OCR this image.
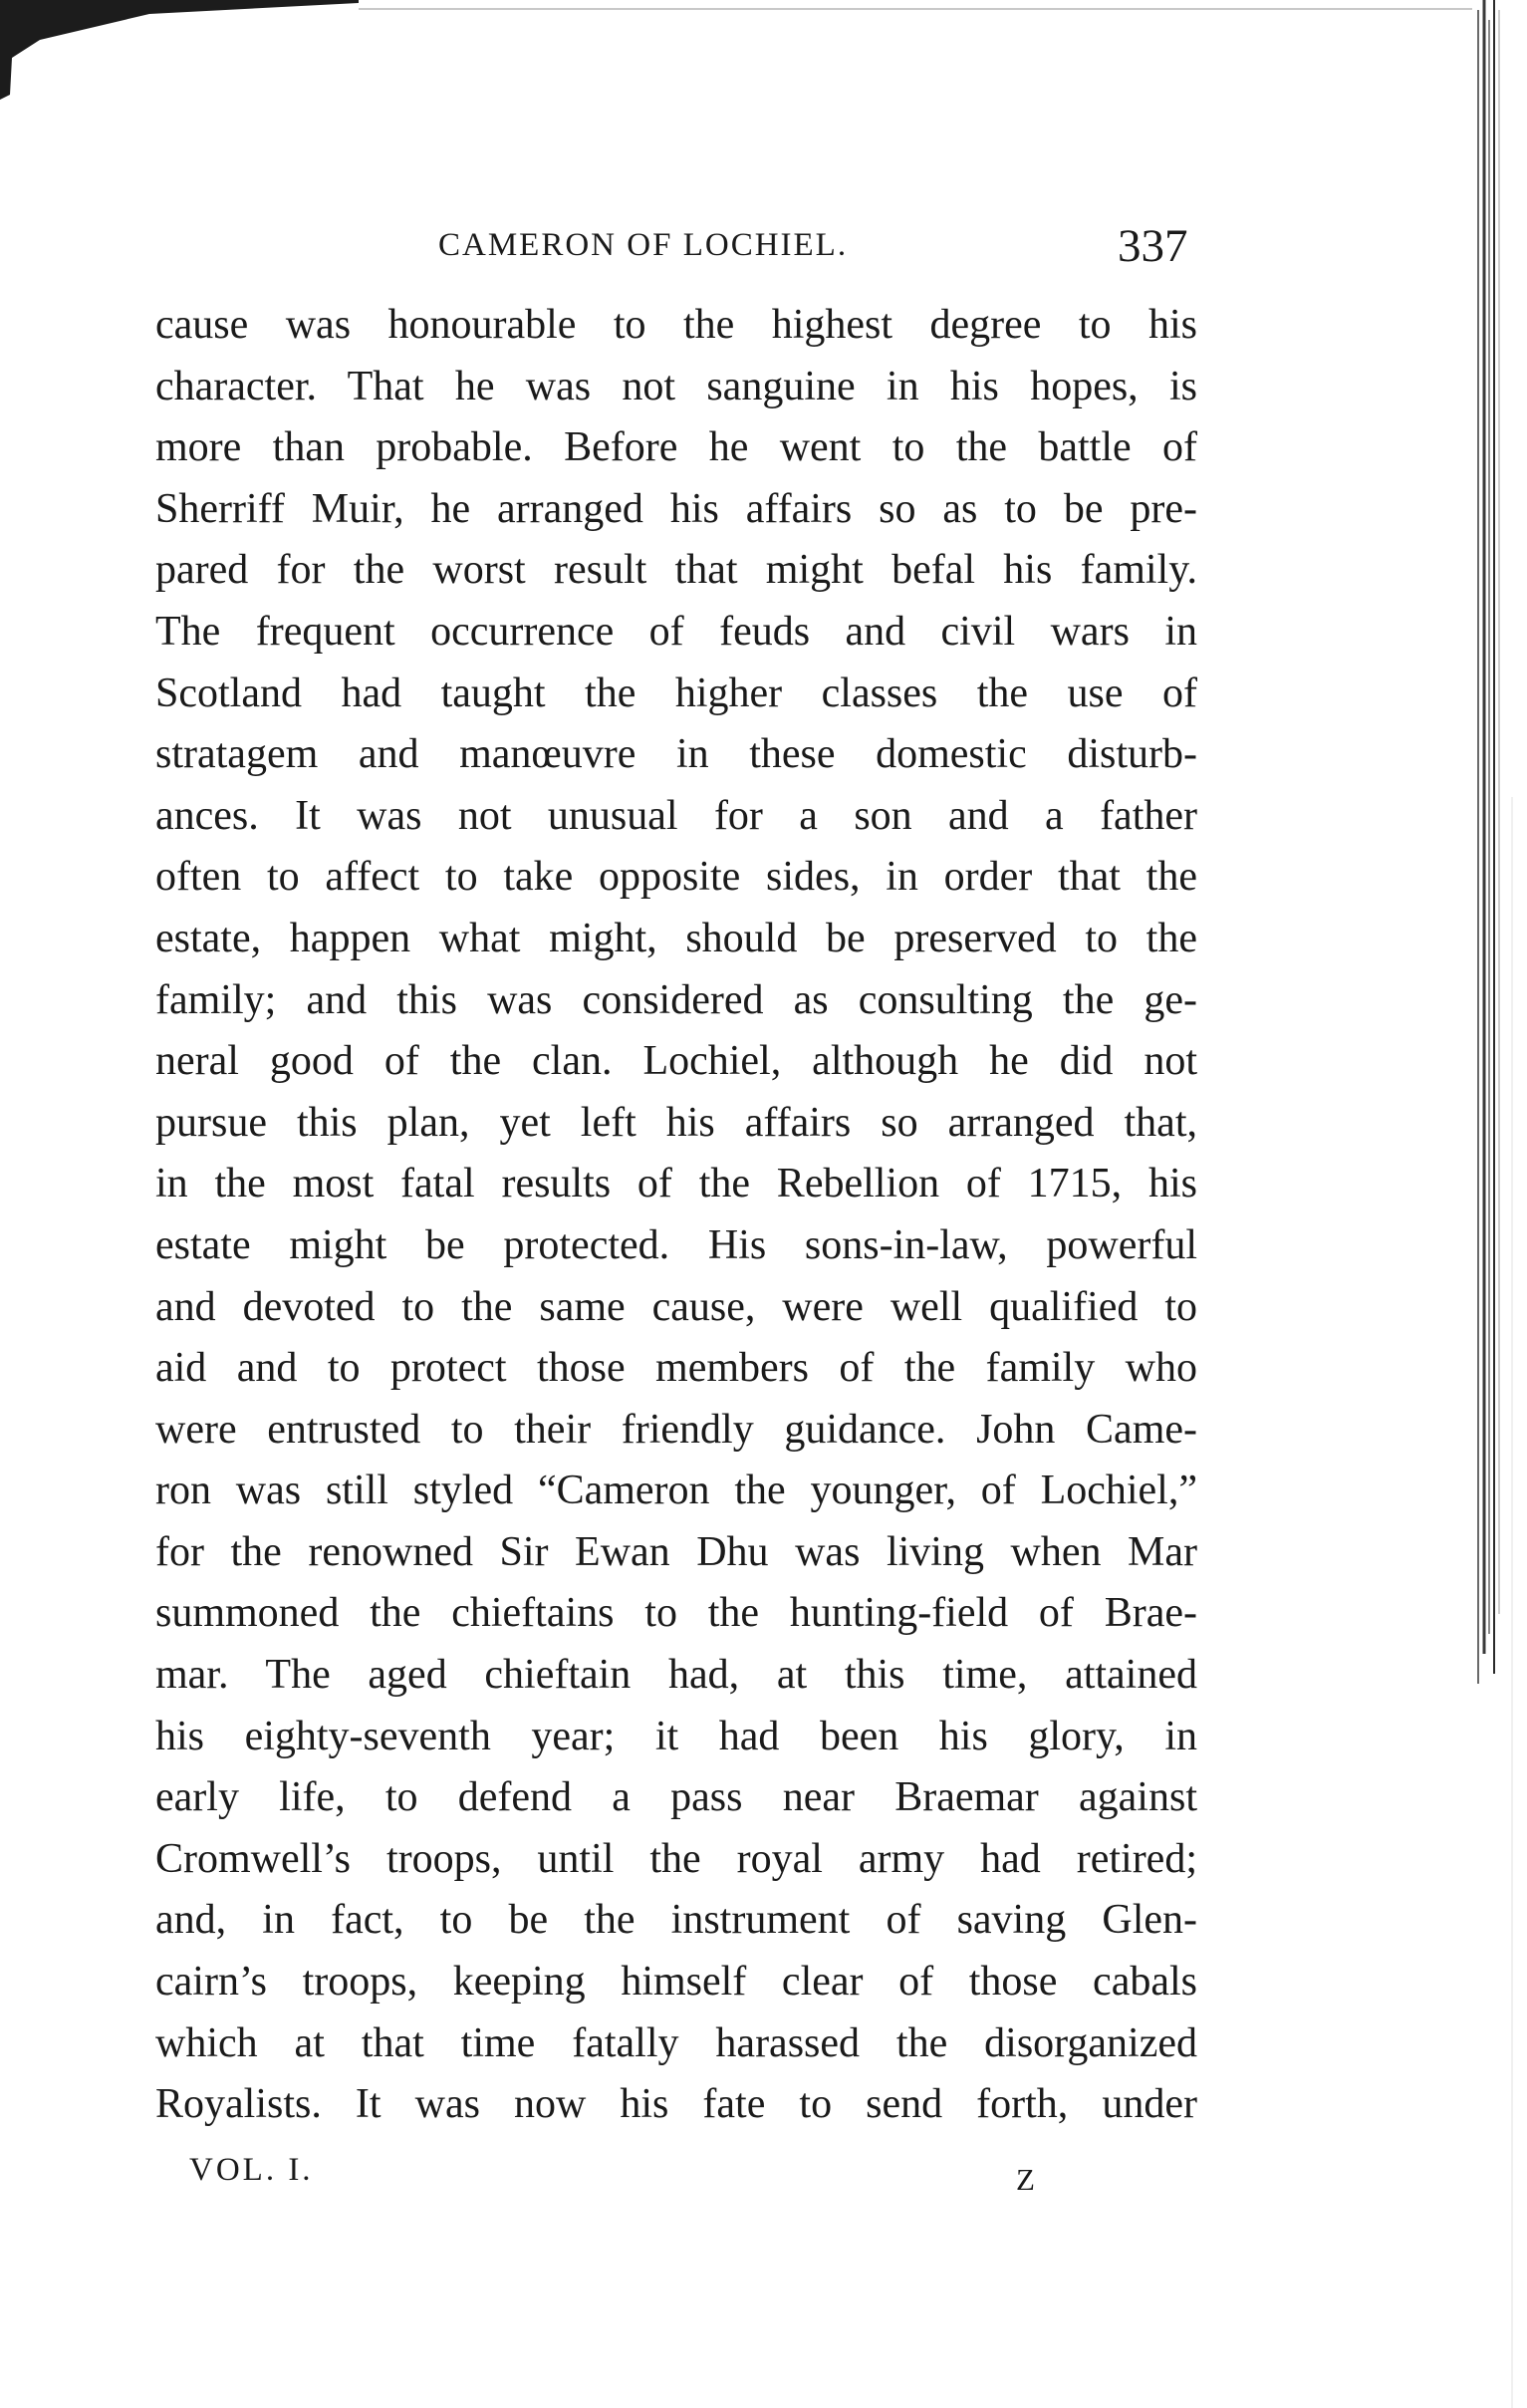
CAMERON OF LOCHIEL.	337
cause was honourable to the highest degree to his
character. That he was not sanguine in his hopes, is
more than probable. Before he went to the battle of
Sherriff Muir, he arranged his affairs so as to be pre-
pared for the worst result that might befal his family.
The frequent occurrence of feuds and civil wars in
Scotland had taught the higher classes the use of
stratagem and manœuvre in these domestic disturb-
ances. It was not unusual for a son and a father
often to affect to take opposite sides, in order that the
estate, happen what might, should be preserved to the
family; and this was considered as consulting the ge-
neral good of the clan. Lochiel, although he did not
pursue this plan, yet left his affairs so arranged that,
in the most fatal results of the Rebellion of 1715, his
estate might be protected. His sons-in-law, powerful
and devoted to the same cause, were well qualified to
aid and to protect those members of the family who
were entrusted to their friendly guidance. John Came-
ron was still styled “Cameron the younger, of Lochiel,”
for the renowned Sir Ewan Dhu was living when Mar
summoned the chieftains to the hunting-field of Brae-
mar. The aged chieftain had, at this time, attained
his eighty-seventh year; it had been his glory, in
early life, to defend a pass near Braemar against
Cromwell’s troops, until the royal army had retired;
and, in fact, to be the instrument of saving Glen-
cairn’s troops, keeping himself clear of those cabals
which at that time fatally harassed the disorganized
Royalists. It was now his fate to send forth, under
VOL. I.	Z
